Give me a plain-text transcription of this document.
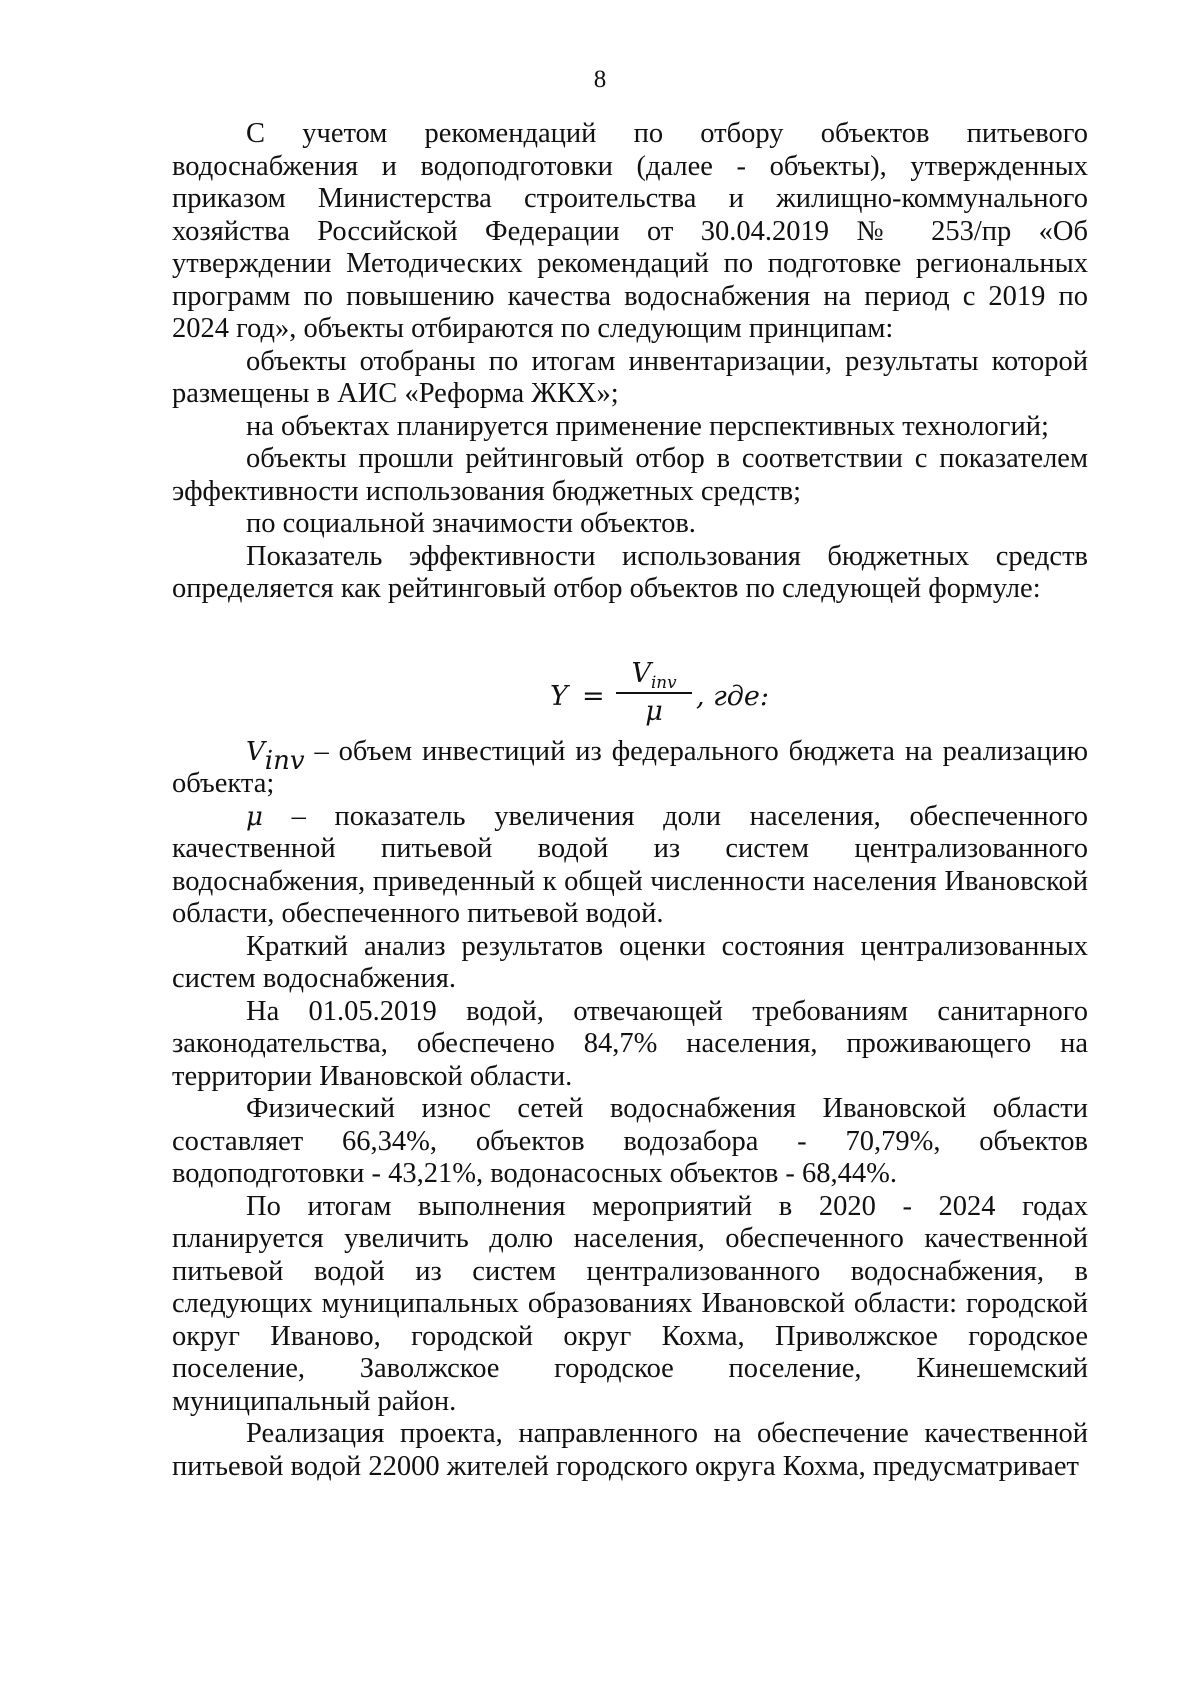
8

С учетом рекомендаций по отбору объектов питьевого водоснабжения и водоподготовки (далее - объекты), утвержденных приказом Министерства строительства и жилищно-коммунального хозяйства Российской Федерации от 30.04.2019 № 253/пр «Об утверждении Методических рекомендаций по подготовке региональных программ по повышению качества водоснабжения на период с 2019 по 2024 год», объекты отбираются по следующим принципам:

объекты отобраны по итогам инвентаризации, результаты которой размещены в АИС «Реформа ЖКХ»;

на объектах планируется применение перспективных технологий;

объекты прошли рейтинговый отбор в соответствии с показателем эффективности использования бюджетных средств;

по социальной значимости объектов.

Показатель эффективности использования бюджетных средств определяется как рейтинговый отбор объектов по следующей формуле:

Y =
$V_{inv}$
μ	, где:

$V_{inv}$ – объем инвестиций из федерального бюджета на реализацию объекта;

μ – показатель увеличения доли населения, обеспеченного качественной питьевой водой из систем централизованного водоснабжения, приведенный к общей численности населения Ивановской области, обеспеченного питьевой водой.

Краткий анализ результатов оценки состояния централизованных систем водоснабжения.

На 01.05.2019 водой, отвечающей требованиям санитарного законодательства, обеспечено 84,7% населения, проживающего на территории Ивановской области.

Физический износ сетей водоснабжения Ивановской области составляет 66,34%, объектов водозабора - 70,79%, объектов водоподготовки - 43,21%, водонасосных объектов - 68,44%.

По итогам выполнения мероприятий в 2020 - 2024 годах планируется увеличить долю населения, обеспеченного качественной питьевой водой из систем централизованного водоснабжения, в следующих муниципальных образованиях Ивановской области: городской округ Иваново, городской округ Кохма, Приволжское городское поселение, Заволжское городское поселение, Кинешемский муниципальный район.

Реализация проекта, направленного на обеспечение качественной питьевой водой 22000 жителей городского округа Кохма, предусматривает
